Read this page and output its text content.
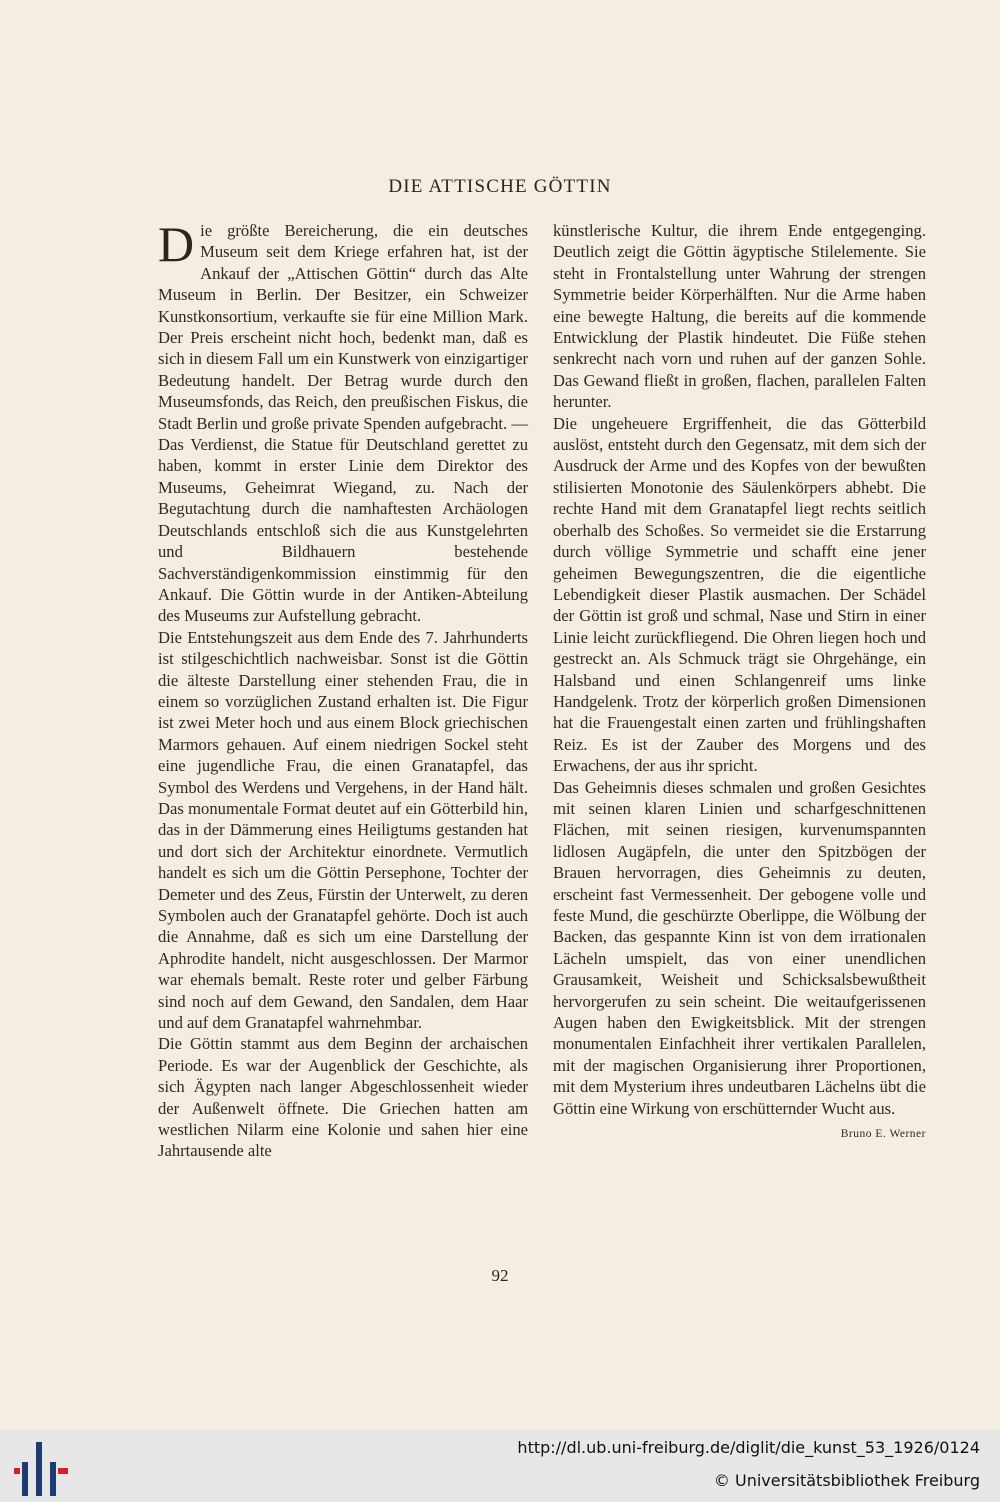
DIE ATTISCHE GÖTTIN

Die größte Bereicherung, die ein deutsches Museum seit dem Kriege erfahren hat, ist der Ankauf der „Attischen Göttin“ durch das Alte Museum in Berlin. Der Besitzer, ein Schweizer Kunstkonsortium, verkaufte sie für eine Million Mark. Der Preis erscheint nicht hoch, bedenkt man, daß es sich in diesem Fall um ein Kunstwerk von einzigartiger Bedeutung handelt. Der Betrag wurde durch den Museumsfonds, das Reich, den preußischen Fiskus, die Stadt Berlin und große private Spenden aufgebracht. — Das Verdienst, die Statue für Deutschland gerettet zu haben, kommt in erster Linie dem Direktor des Museums, Geheimrat Wiegand, zu. Nach der Begutachtung durch die namhaftesten Archäologen Deutschlands entschloß sich die aus Kunstgelehrten und Bildhauern bestehende Sachverständigenkommission einstimmig für den Ankauf. Die Göttin wurde in der Antiken-Abteilung des Museums zur Aufstellung gebracht.

Die Entstehungszeit aus dem Ende des 7. Jahrhunderts ist stilgeschichtlich nachweisbar. Sonst ist die Göttin die älteste Darstellung einer stehenden Frau, die in einem so vorzüglichen Zustand erhalten ist. Die Figur ist zwei Meter hoch und aus einem Block griechischen Marmors gehauen. Auf einem niedrigen Sockel steht eine jugendliche Frau, die einen Granatapfel, das Symbol des Werdens und Vergehens, in der Hand hält. Das monumentale Format deutet auf ein Götterbild hin, das in der Dämmerung eines Heiligtums gestanden hat und dort sich der Architektur einordnete. Vermutlich handelt es sich um die Göttin Persephone, Tochter der Demeter und des Zeus, Fürstin der Unterwelt, zu deren Symbolen auch der Granatapfel gehörte. Doch ist auch die Annahme, daß es sich um eine Darstellung der Aphrodite handelt, nicht ausgeschlossen. Der Marmor war ehemals bemalt. Reste roter und gelber Färbung sind noch auf dem Gewand, den Sandalen, dem Haar und auf dem Granatapfel wahrnehmbar.

Die Göttin stammt aus dem Beginn der archaischen Periode. Es war der Augenblick der Geschichte, als sich Ägypten nach langer Abgeschlossenheit wieder der Außenwelt öffnete. Die Griechen hatten am westlichen Nilarm eine Kolonie und sahen hier eine Jahrtausende alte

künstlerische Kultur, die ihrem Ende entgegenging. Deutlich zeigt die Göttin ägyptische Stilelemente. Sie steht in Frontalstellung unter Wahrung der strengen Symmetrie beider Körperhälften. Nur die Arme haben eine bewegte Haltung, die bereits auf die kommende Entwicklung der Plastik hindeutet. Die Füße stehen senkrecht nach vorn und ruhen auf der ganzen Sohle. Das Gewand fließt in großen, flachen, parallelen Falten herunter.

Die ungeheuere Ergriffenheit, die das Götterbild auslöst, entsteht durch den Gegensatz, mit dem sich der Ausdruck der Arme und des Kopfes von der bewußten stilisierten Monotonie des Säulenkörpers abhebt. Die rechte Hand mit dem Granatapfel liegt rechts seitlich oberhalb des Schoßes. So vermeidet sie die Erstarrung durch völlige Symmetrie und schafft eine jener geheimen Bewegungszentren, die die eigentliche Lebendigkeit dieser Plastik ausmachen. Der Schädel der Göttin ist groß und schmal, Nase und Stirn in einer Linie leicht zurückfliegend. Die Ohren liegen hoch und gestreckt an. Als Schmuck trägt sie Ohrgehänge, ein Halsband und einen Schlangenreif ums linke Handgelenk. Trotz der körperlich großen Dimensionen hat die Frauengestalt einen zarten und frühlingshaften Reiz. Es ist der Zauber des Morgens und des Erwachens, der aus ihr spricht.

Das Geheimnis dieses schmalen und großen Gesichtes mit seinen klaren Linien und scharfgeschnittenen Flächen, mit seinen riesigen, kurvenumspannten lidlosen Augäpfeln, die unter den Spitzbögen der Brauen hervorragen, dies Geheimnis zu deuten, erscheint fast Vermessenheit. Der gebogene volle und feste Mund, die geschürzte Oberlippe, die Wölbung der Backen, das gespannte Kinn ist von dem irrationalen Lächeln umspielt, das von einer unendlichen Grausamkeit, Weisheit und Schicksalsbewußtheit hervorgerufen zu sein scheint. Die weitaufgerissenen Augen haben den Ewigkeitsblick. Mit der strengen monumentalen Einfachheit ihrer vertikalen Parallelen, mit der magischen Organisierung ihrer Proportionen, mit dem Mysterium ihres undeutbaren Lächelns übt die Göttin eine Wirkung von erschütternder Wucht aus.
Bruno E. Werner

92
http://dl.ub.uni-freiburg.de/diglit/die_kunst_53_1926/0124
© Universitätsbibliothek Freiburg
